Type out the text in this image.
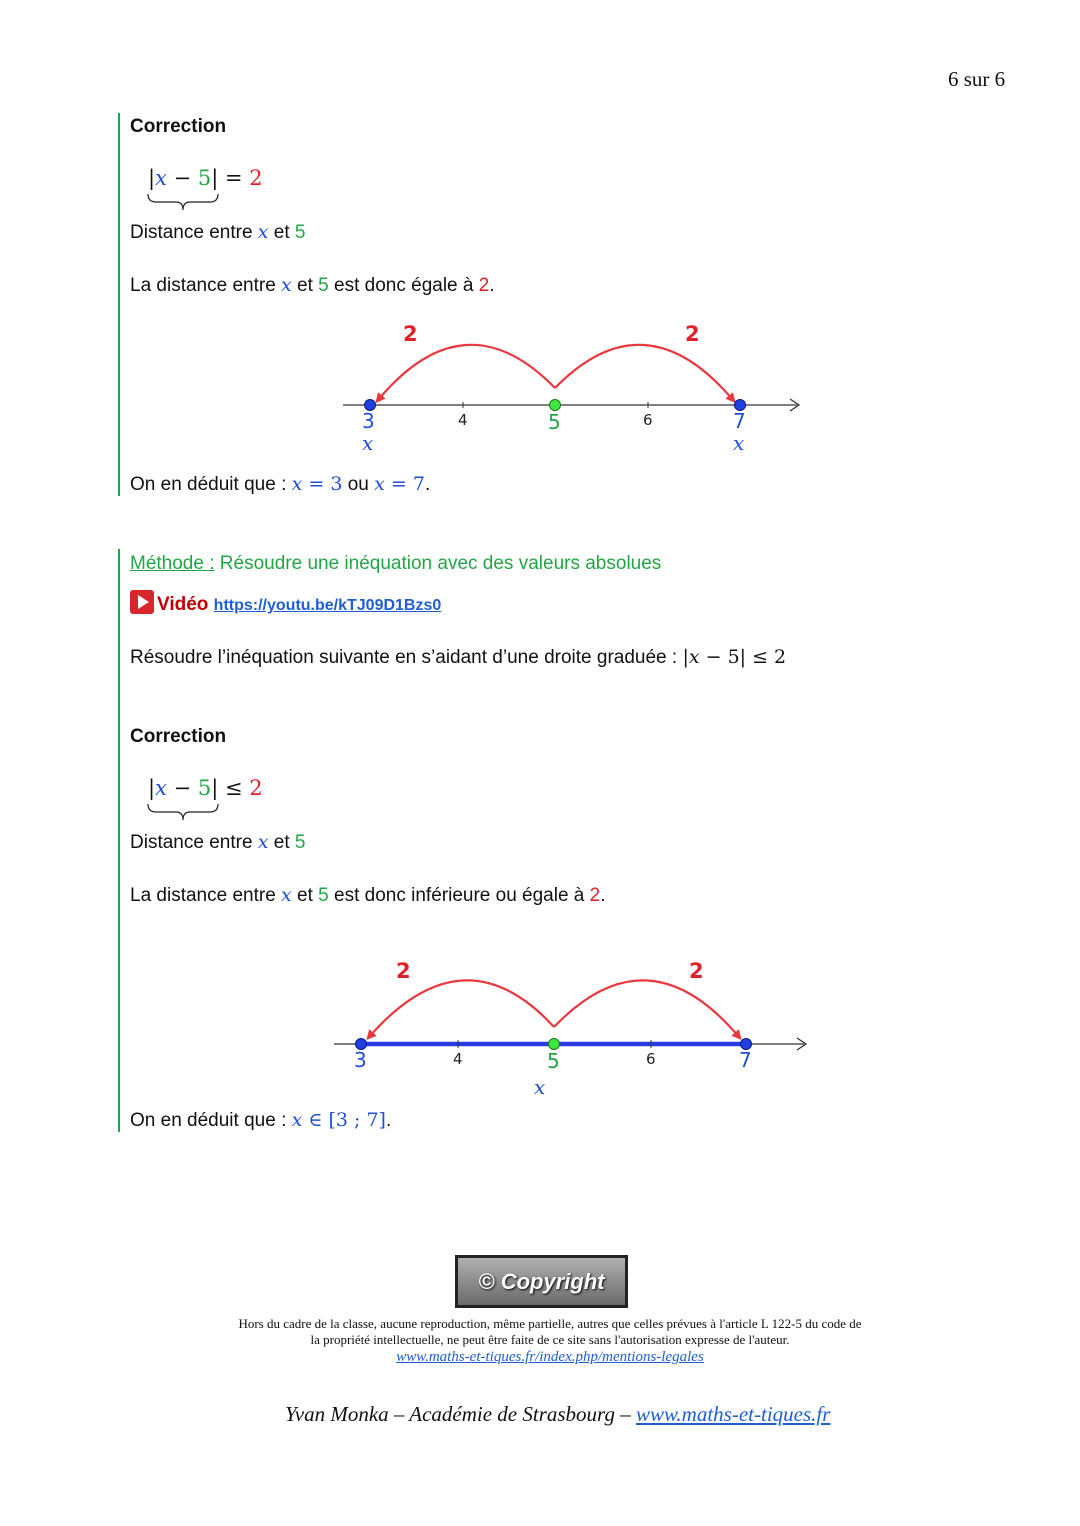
6 sur 6
Correction
|x − 5| = 2
Distance entre x et 5
La distance entre x et 5 est donc égale à 2.
2	2
3	4	5	6	7
x	x
On en déduit que : x = 3 ou x = 7.
Méthode : Résoudre une inéquation avec des valeurs absolues
Vidéo https://youtu.be/kTJ09D1Bzs0
Résoudre l’inéquation suivante en s’aidant d’une droite graduée : |𝑥 − 5| ≤ 2
Correction
|x − 5| ≤ 2
Distance entre x et 5
La distance entre x et 5 est donc inférieure ou égale à 2.
2	2
3	4	5	6	7
x
On en déduit que : x ∈ [3 ; 7].
© Copyright
Hors du cadre de la classe, aucune reproduction, même partielle, autres que celles prévues à l'article L 122-5 du code de
la propriété intellectuelle, ne peut être faite de ce site sans l'autorisation expresse de l'auteur.
www.maths-et-tiques.fr/index.php/mentions-legales
Yvan Monka – Académie de Strasbourg – www.maths-et-tiques.fr
